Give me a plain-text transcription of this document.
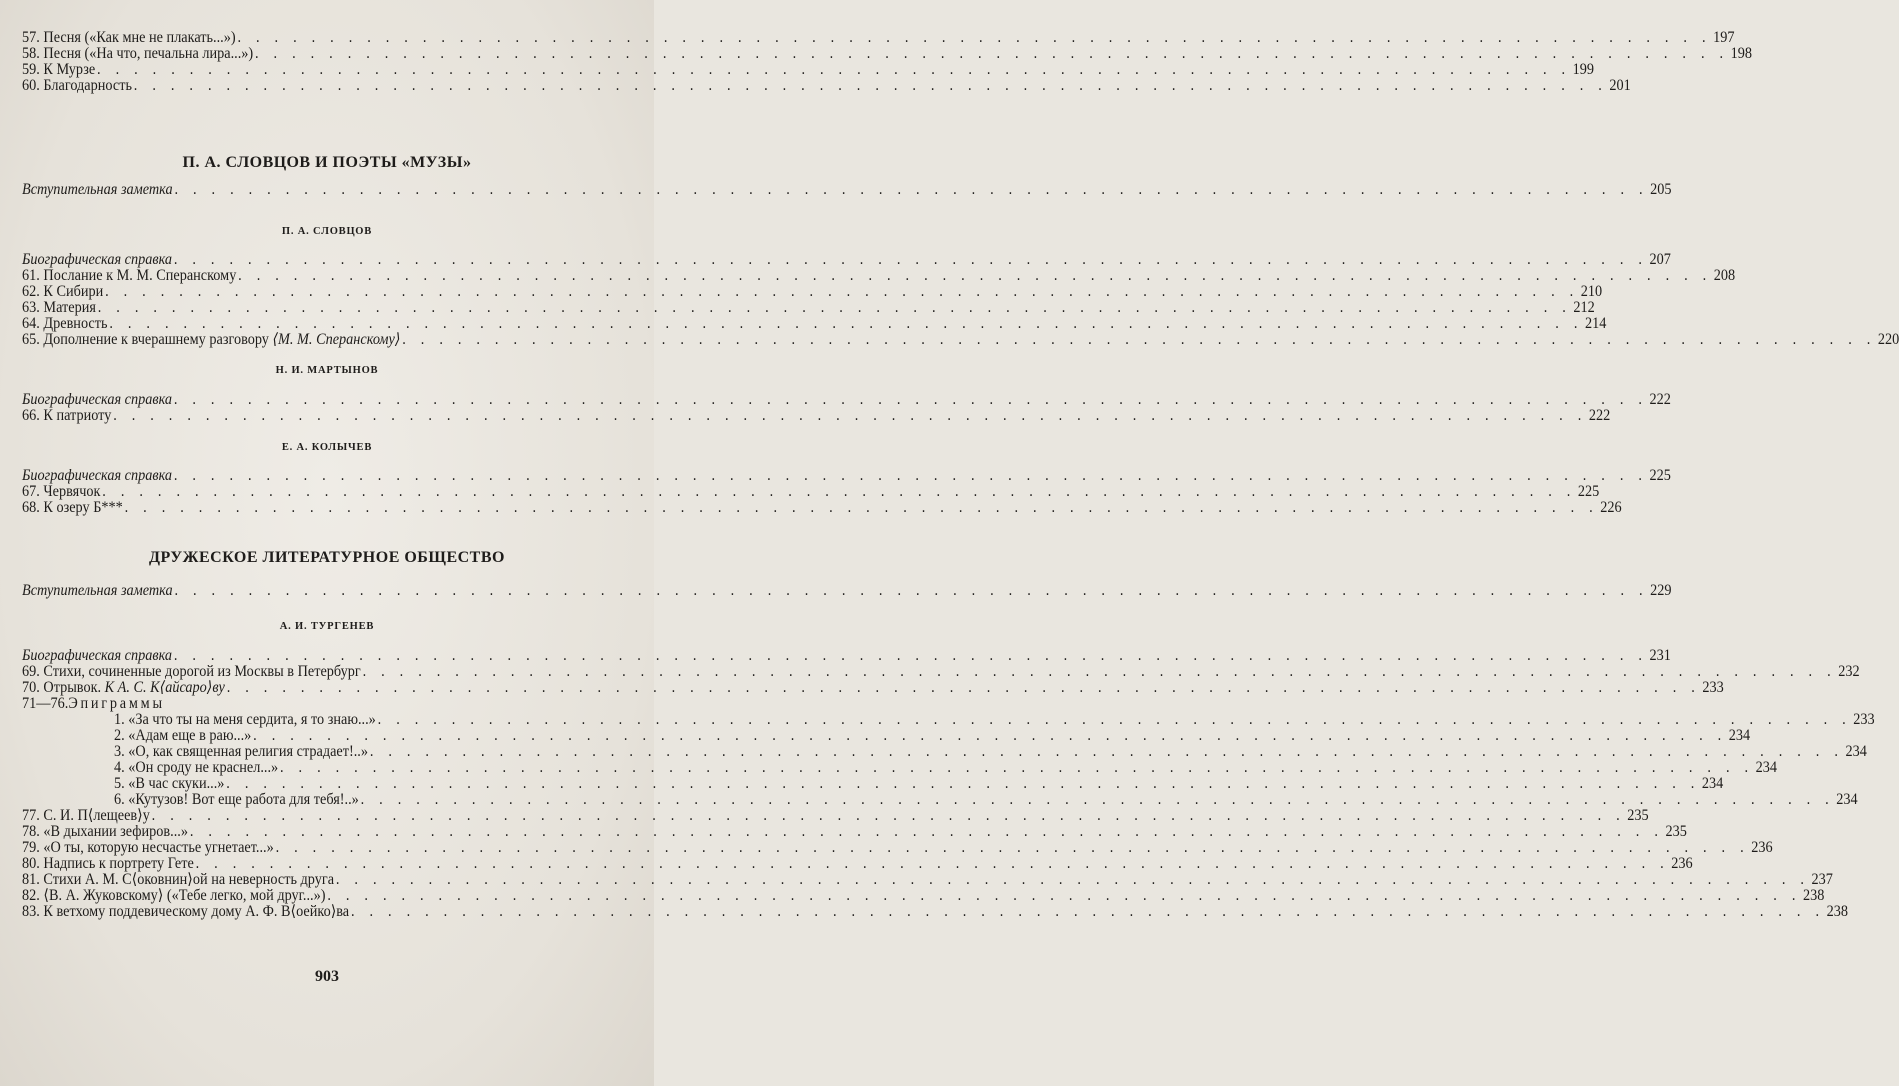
57. Песня («Как мне не плакать...») . . . . . . . . . . . . . . . . . . . . . . . . . . . . . . . . . . . . . . . . . . . . . . . . . . . . . . . . . . . . . . . . . . . . . . . . . . . . . . . . 197
58. Песня («На что, печальна лира...») . . . . . . . . . . . . . . . . . . . . . . . . . . . . . . . . . . . . . . . . . . . . . . . . . . . . . . . . . . . . . . . . . . . . . . . . . . . . . . . . 198
59. К Мурзе . . . . . . . . . . . . . . . . . . . . . . . . . . . . . . . . . . . . . . . . . . . . . . . . . . . . . . . . . . . . . . . . . . . . . . . . . . . . . . . . 199
60. Благодарность . . . . . . . . . . . . . . . . . . . . . . . . . . . . . . . . . . . . . . . . . . . . . . . . . . . . . . . . . . . . . . . . . . . . . . . . . . . . . . . . 201
П. А. СЛОВЦОВ И ПОЭТЫ «МУЗЫ»
Вступительная заметка . . . . . . . . . . . . . . . . . . . . . . . . . . . . . . . . . . . . . . . . . . . . . . . . . . . . . . . . . . . . . . . . . . . . . . . . . . . . . . . . 205
П. А. СЛОВЦОВ
Биографическая справка . . . . . . . . . . . . . . . . . . . . . . . . . . . . . . . . . . . . . . . . . . . . . . . . . . . . . . . . . . . . . . . . . . . . . . . . . . . . . . . . 207
61. Послание к М. М. Сперанскому . . . . . . . . . . . . . . . . . . . . . . . . . . . . . . . . . . . . . . . . . . . . . . . . . . . . . . . . . . . . . . . . . . . . . . . . . . . . . . . . 208
62. К Сибири . . . . . . . . . . . . . . . . . . . . . . . . . . . . . . . . . . . . . . . . . . . . . . . . . . . . . . . . . . . . . . . . . . . . . . . . . . . . . . . . 210
63. Материя . . . . . . . . . . . . . . . . . . . . . . . . . . . . . . . . . . . . . . . . . . . . . . . . . . . . . . . . . . . . . . . . . . . . . . . . . . . . . . . . 212
64. Древность . . . . . . . . . . . . . . . . . . . . . . . . . . . . . . . . . . . . . . . . . . . . . . . . . . . . . . . . . . . . . . . . . . . . . . . . . . . . . . . . 214
65. Дополнение к вчерашнему разговору ⟨М. М. Сперанскому⟩ . . . . . . . . . . . . . . . . . . . . . . . . . . . . . . . . . . . . . . . . . . . . . . . . . . . . . . . . . . . . . . . . . . . . . . . . . . . . . . . . 220
Н. И. МАРТЫНОВ
Биографическая справка . . . . . . . . . . . . . . . . . . . . . . . . . . . . . . . . . . . . . . . . . . . . . . . . . . . . . . . . . . . . . . . . . . . . . . . . . . . . . . . . 222
66. К патриоту . . . . . . . . . . . . . . . . . . . . . . . . . . . . . . . . . . . . . . . . . . . . . . . . . . . . . . . . . . . . . . . . . . . . . . . . . . . . . . . . 222
Е. А. КОЛЫЧЕВ
Биографическая справка . . . . . . . . . . . . . . . . . . . . . . . . . . . . . . . . . . . . . . . . . . . . . . . . . . . . . . . . . . . . . . . . . . . . . . . . . . . . . . . . 225
67. Червячок . . . . . . . . . . . . . . . . . . . . . . . . . . . . . . . . . . . . . . . . . . . . . . . . . . . . . . . . . . . . . . . . . . . . . . . . . . . . . . . . 225
68. К озеру Б*** . . . . . . . . . . . . . . . . . . . . . . . . . . . . . . . . . . . . . . . . . . . . . . . . . . . . . . . . . . . . . . . . . . . . . . . . . . . . . . . . 226
ДРУЖЕСКОЕ ЛИТЕРАТУРНОЕ ОБЩЕСТВО
Вступительная заметка . . . . . . . . . . . . . . . . . . . . . . . . . . . . . . . . . . . . . . . . . . . . . . . . . . . . . . . . . . . . . . . . . . . . . . . . . . . . . . . . 229
А. И. ТУРГЕНЕВ
Биографическая справка . . . . . . . . . . . . . . . . . . . . . . . . . . . . . . . . . . . . . . . . . . . . . . . . . . . . . . . . . . . . . . . . . . . . . . . . . . . . . . . . 231
69. Стихи, сочиненные дорогой из Москвы в Петербург . . . . . . . . . . . . . . . . . . . . . . . . . . . . . . . . . . . . . . . . . . . . . . . . . . . . . . . . . . . . . . . . . . . . . . . . . . . . . . . . 232
70. Отрывок. К А. С. К⟨айсаро⟩ву . . . . . . . . . . . . . . . . . . . . . . . . . . . . . . . . . . . . . . . . . . . . . . . . . . . . . . . . . . . . . . . . . . . . . . . . . . . . . . . . 233
71—76. Эпиграммы
1. «За что ты на меня сердита, я то знаю...» . . . . . . . . . . . . . . . . . . . . . . . . . . . . . . . . . . . . . . . . . . . . . . . . . . . . . . . . . . . . . . . . . . . . . . . . . . . . . . . . 233
2. «Адам еще в раю...» . . . . . . . . . . . . . . . . . . . . . . . . . . . . . . . . . . . . . . . . . . . . . . . . . . . . . . . . . . . . . . . . . . . . . . . . . . . . . . . . 234
3. «О, как священная религия страдает!..» . . . . . . . . . . . . . . . . . . . . . . . . . . . . . . . . . . . . . . . . . . . . . . . . . . . . . . . . . . . . . . . . . . . . . . . . . . . . . . . . 234
4. «Он сроду не краснел...» . . . . . . . . . . . . . . . . . . . . . . . . . . . . . . . . . . . . . . . . . . . . . . . . . . . . . . . . . . . . . . . . . . . . . . . . . . . . . . . . 234
5. «В час скуки...» . . . . . . . . . . . . . . . . . . . . . . . . . . . . . . . . . . . . . . . . . . . . . . . . . . . . . . . . . . . . . . . . . . . . . . . . . . . . . . . . 234
6. «Кутузов! Вот еще работа для тебя!..» . . . . . . . . . . . . . . . . . . . . . . . . . . . . . . . . . . . . . . . . . . . . . . . . . . . . . . . . . . . . . . . . . . . . . . . . . . . . . . . . 234
77. С. И. П⟨лещеев⟩у . . . . . . . . . . . . . . . . . . . . . . . . . . . . . . . . . . . . . . . . . . . . . . . . . . . . . . . . . . . . . . . . . . . . . . . . . . . . . . . . 235
78. «В дыхании зефиров...» . . . . . . . . . . . . . . . . . . . . . . . . . . . . . . . . . . . . . . . . . . . . . . . . . . . . . . . . . . . . . . . . . . . . . . . . . . . . . . . . 235
79. «О ты, которую несчастье угнетает...» . . . . . . . . . . . . . . . . . . . . . . . . . . . . . . . . . . . . . . . . . . . . . . . . . . . . . . . . . . . . . . . . . . . . . . . . . . . . . . . . 236
80. Надпись к портрету Гете . . . . . . . . . . . . . . . . . . . . . . . . . . . . . . . . . . . . . . . . . . . . . . . . . . . . . . . . . . . . . . . . . . . . . . . . . . . . . . . . 236
81. Стихи А. М. С⟨оковнин⟩ой на неверность друга . . . . . . . . . . . . . . . . . . . . . . . . . . . . . . . . . . . . . . . . . . . . . . . . . . . . . . . . . . . . . . . . . . . . . . . . . . . . . . . . 237
82. ⟨В. А. Жуковскому⟩ («Тебе легко, мой друг...») . . . . . . . . . . . . . . . . . . . . . . . . . . . . . . . . . . . . . . . . . . . . . . . . . . . . . . . . . . . . . . . . . . . . . . . . . . . . . . . . 238
83. К ветхому поддевическому дому А. Ф. В⟨оейко⟩ва . . . . . . . . . . . . . . . . . . . . . . . . . . . . . . . . . . . . . . . . . . . . . . . . . . . . . . . . . . . . . . . . . . . . . . . . . . . . . . . . 238
903
